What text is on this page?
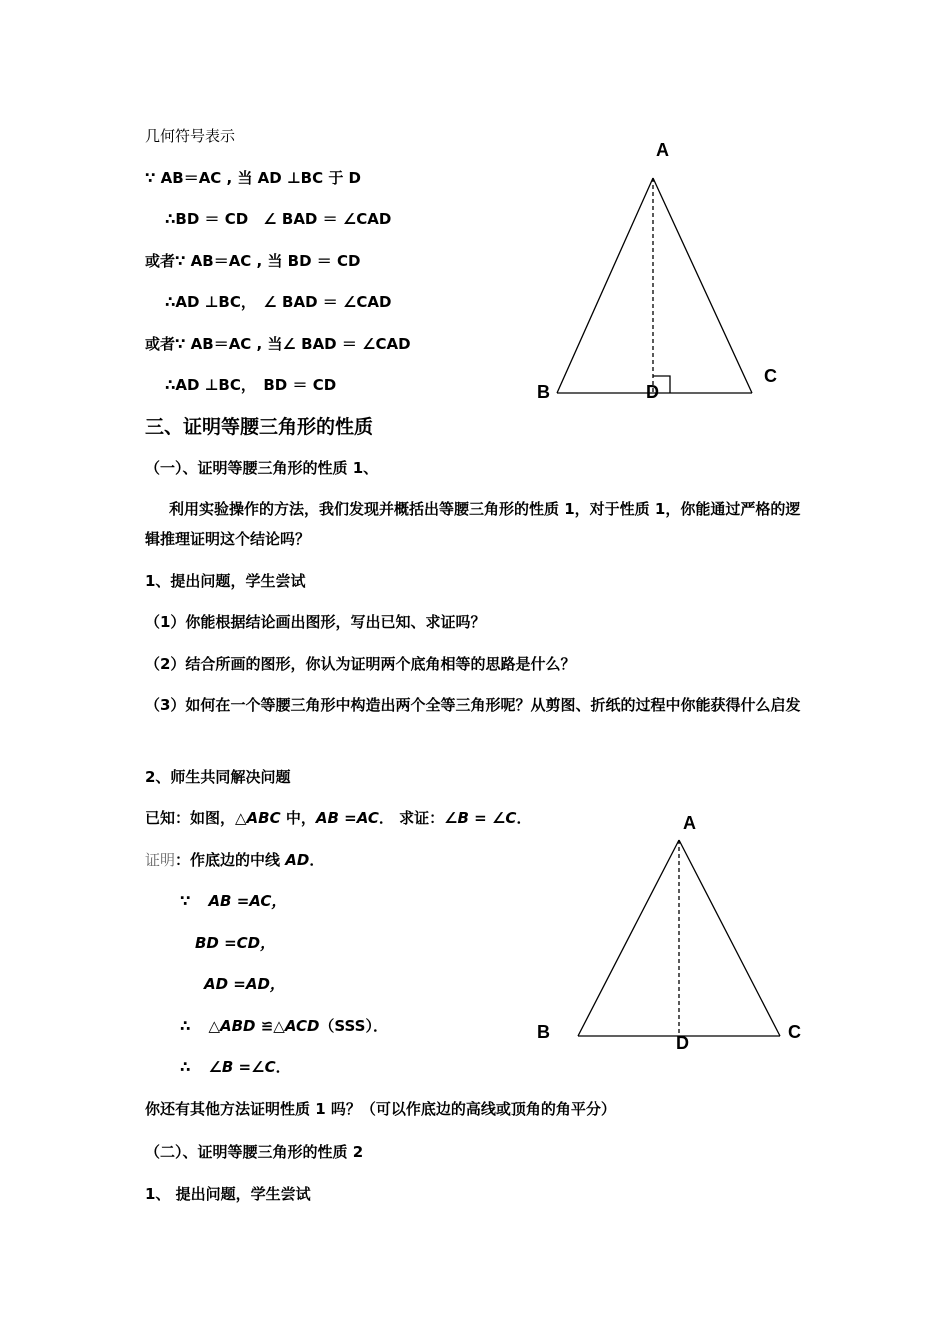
几何符号表示
∵ AB＝AC , 当 AD ⊥BC 于 D
∴BD ＝ CD　∠ BAD ＝ ∠CAD
或者∵ AB＝AC , 当 BD ＝ CD
∴AD ⊥BC，　∠ BAD ＝ ∠CAD
或者∵ AB＝AC , 当∠ BAD ＝ ∠CAD
∴AD ⊥BC，　BD ＝ CD
A
B
C
D
A
B	C
D
三、证明等腰三角形的性质
（一）、证明等腰三角形的性质 1、
利用实验操作的方法，我们发现并概括出等腰三角形的性质 1，对于性质 1，你能通过严格的逻辑推理证明这个结论吗？
1、提出问题，学生尝试
（1）你能根据结论画出图形，写出已知、求证吗？
（2）结合所画的图形，你认为证明两个底角相等的思路是什么？
（3）如何在一个等腰三角形中构造出两个全等三角形呢？从剪图、折纸的过程中你能获得什么启发
2、师生共同解决问题
已知：如图，△ABC 中，AB =AC． 求证：∠B = ∠C．
证明：作底边的中线 AD．
∵ AB =AC，
BD =CD，
AD =AD，
∴ △ABD ≌△ACD（SSS）．
∴ ∠B =∠C．
你还有其他方法证明性质 1 吗？（可以作底边的高线或顶角的角平分）
（二）、证明等腰三角形的性质 2
1、 提出问题，学生尝试
